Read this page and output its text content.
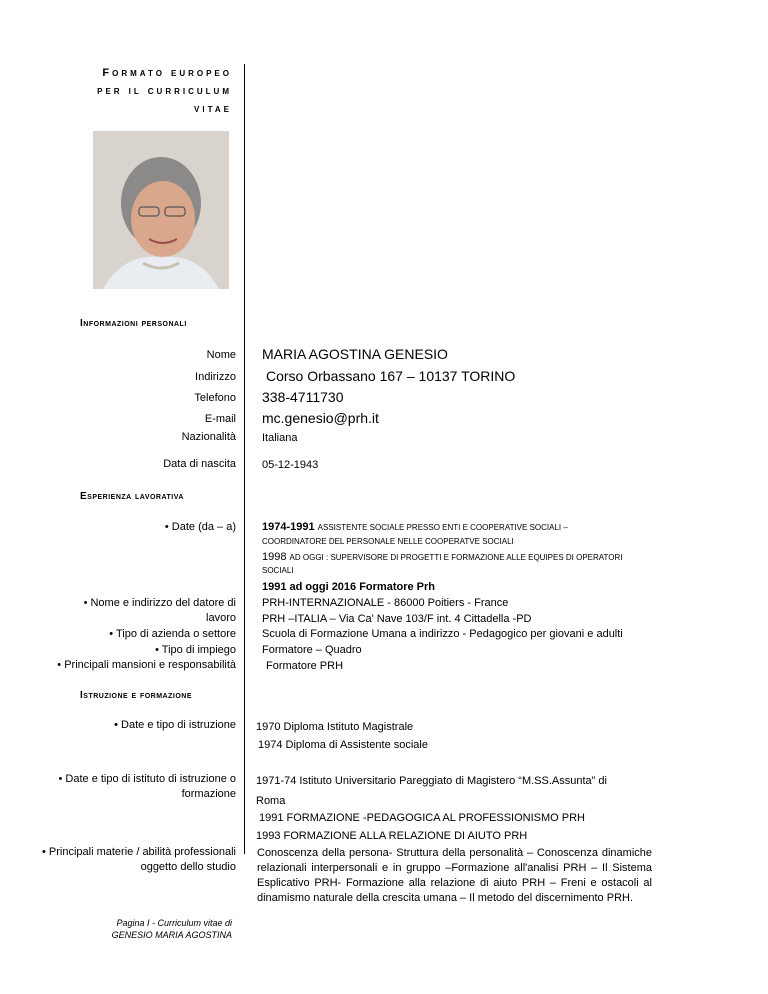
Formato europeo
per il curriculum
vitae
Informazioni personali
Nome MARIA AGOSTINA GENESIO
Indirizzo Corso Orbassano 167 – 10137 TORINO
Telefono 338-4711730
E-mail mc.genesio@prh.it
Nazionalità Italiana
Data di nascita 05-12-1943
Esperienza lavorativa
• Date (da – a) 1974-1991 ASSISTENTE SOCIALE PRESSO ENTI E COOPERATIVE SOCIALI –
COORDINATORE DEL PERSONALE NELLE COOPERATVE SOCIALI
1998 AD OGGI : SUPERVISORE DI PROGETTI E FORMAZIONE ALLE EQUIPES DI OPERATORI
SOCIALI
1991 ad oggi 2016 Formatore Prh
• Nome e indirizzo del datore di
lavoro
PRH-INTERNAZIONALE - 86000 Poitiers - France
PRH –ITALIA – Via Ca' Nave 103/F int. 4 Cittadella -PD
• Tipo di azienda o settore Scuola di Formazione Umana a indirizzo - Pedagogico per giovani e adulti
• Tipo di impiego Formatore – Quadro
• Principali mansioni e responsabilità	Formatore PRH
Istruzione e formazione
• Date e tipo di istruzione 1970 Diploma Istituto Magistrale
1974 Diploma di Assistente sociale
• Date e tipo di istituto di istruzione o
formazione
1971-74 Istituto Universitario Pareggiato di Magistero “M.SS.Assunta” di
Roma
1991 FORMAZIONE -PEDAGOGICA AL PROFESSIONISMO PRH
1993 FORMAZIONE ALLA RELAZIONE DI AIUTO PRH
• Principali materie / abilità professionali
oggetto dello studio
Conoscenza della persona- Struttura della personalità – Conoscenza dinamiche relazionali interpersonali e in gruppo –Formazione all'analisi PRH – Il Sistema Esplicativo PRH- Formazione alla relazione di aiuto PRH – Freni e ostacoli al dinamismo naturale della crescita umana – Il metodo del discernimento PRH.
Pagina I - Curriculum vitae di
GENESIO MARIA AGOSTINA
